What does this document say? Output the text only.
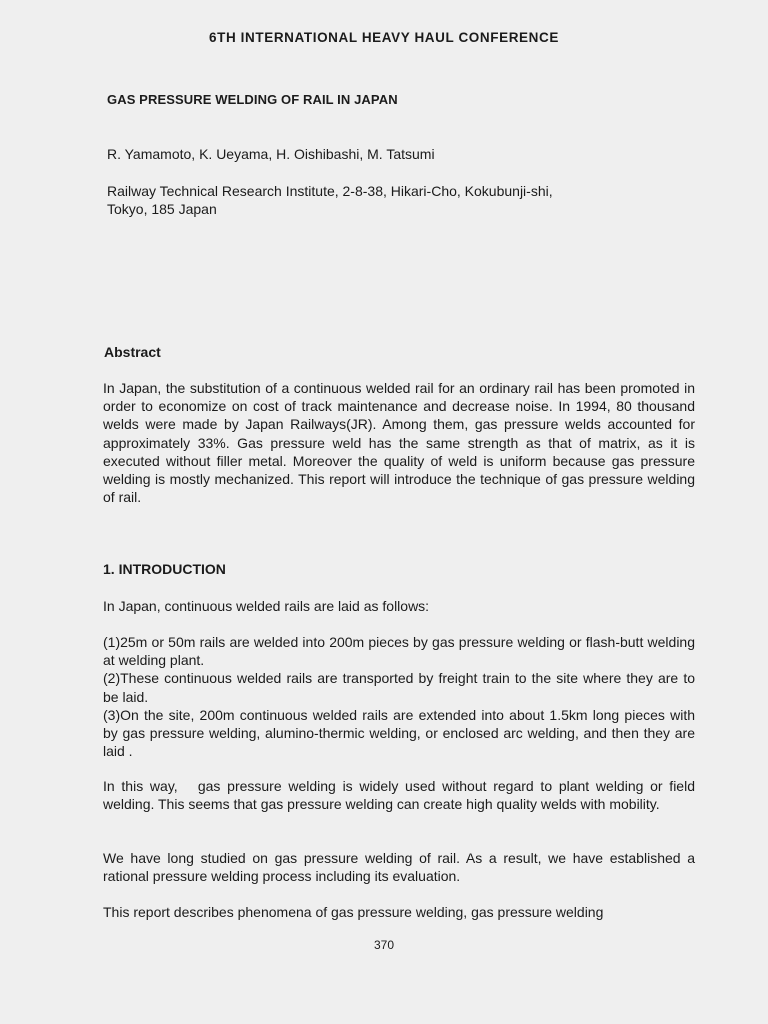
6TH INTERNATIONAL HEAVY HAUL CONFERENCE
GAS PRESSURE WELDING OF RAIL IN JAPAN
R. Yamamoto, K. Ueyama, H. Oishibashi, M. Tatsumi
Railway Technical Research Institute, 2-8-38, Hikari-Cho, Kokubunji-shi,
Tokyo, 185 Japan
Abstract
In Japan, the substitution of a continuous welded rail for an ordinary rail has been promoted in order to economize on cost of track maintenance and decrease noise. In 1994, 80 thousand welds were made by Japan Railways(JR). Among them, gas pressure welds accounted for approximately 33%. Gas pressure weld has the same strength as that of matrix, as it is executed without filler metal. Moreover the quality of weld is uniform because gas pressure welding is mostly mechanized. This report will introduce the technique of gas pressure welding of rail.
1. INTRODUCTION
In Japan, continuous welded rails are laid as follows:
(1)25m or 50m rails are welded into 200m pieces by gas pressure welding or flash-butt welding at welding plant.
(2)These continuous welded rails are transported by freight train to the site where they are to be laid.
(3)On the site, 200m continuous welded rails are extended into about 1.5km long pieces with by gas pressure welding, alumino-thermic welding, or enclosed arc welding, and then they are laid .
In this way,   gas pressure welding is widely used without regard to plant welding or field welding. This seems that gas pressure welding can create high quality welds with mobility.
We have long studied on gas pressure welding of rail. As a result, we have established a rational pressure welding process including its evaluation.
This report describes phenomena of gas pressure welding, gas pressure welding
370
